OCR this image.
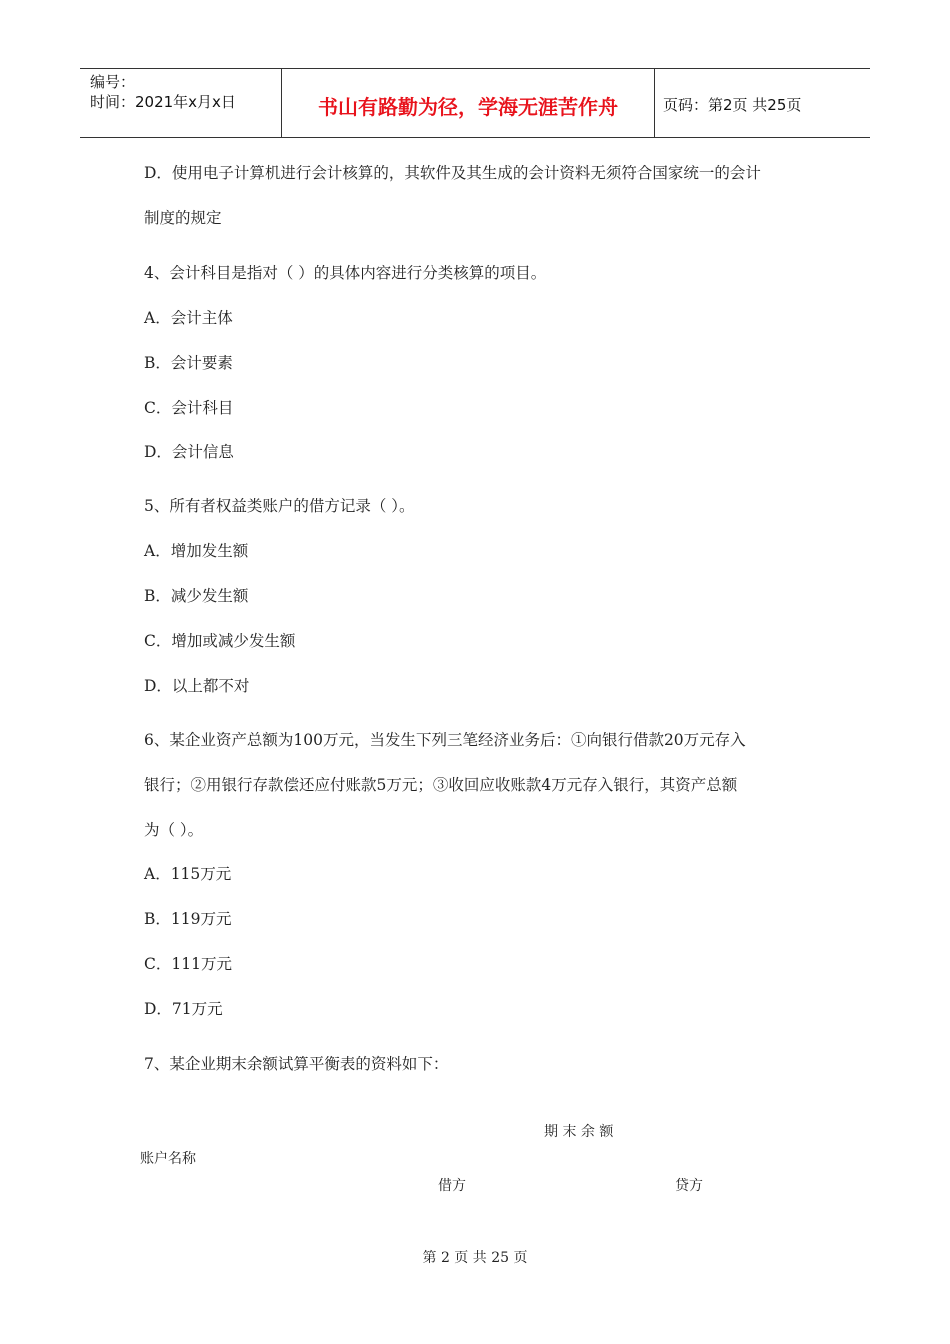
编号：
时间：2021年x月x日	书山有路勤为径，学海无涯苦作舟	页码：第2页 共25页
D．使用电子计算机进行会计核算的，其软件及其生成的会计资料无须符合国家统一的会计
制度的规定
4、会计科目是指对（ ）的具体内容进行分类核算的项目。
A．会计主体
B．会计要素
C．会计科目
D．会计信息
5、所有者权益类账户的借方记录（ ）。
A．增加发生额
B．减少发生额
C．增加或减少发生额
D．以上都不对
6、某企业资产总额为100万元，当发生下列三笔经济业务后：①向银行借款20万元存入
银行；②用银行存款偿还应付账款5万元；③收回应收账款4万元存入银行，其资产总额
为（ ）。
A．115万元
B．119万元
C．111万元
D．71万元
7、某企业期末余额试算平衡表的资料如下：
期 末 余 额
账户名称
借方	贷方
第 2 页 共 25 页
